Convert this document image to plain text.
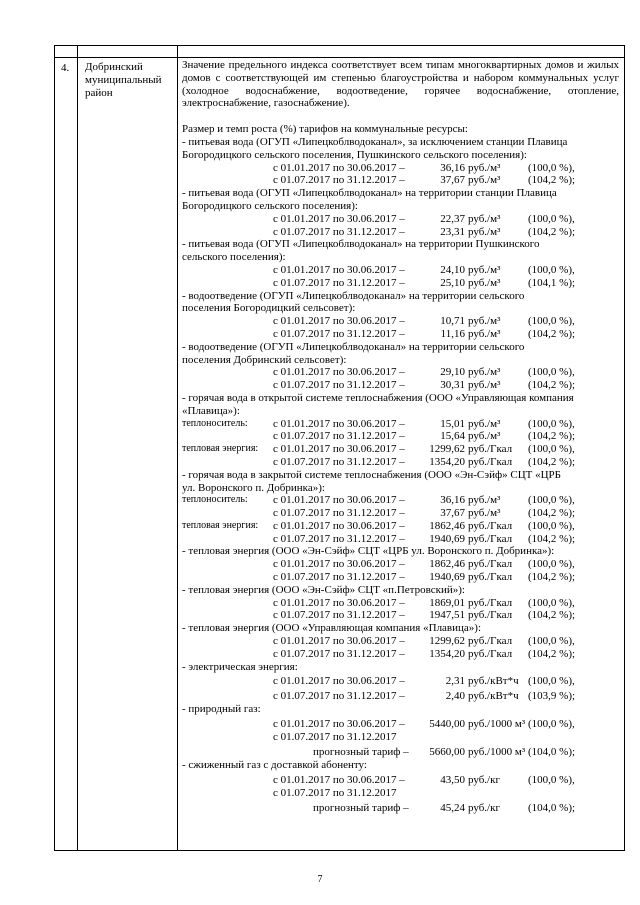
4. Добринский муниципальный район
Значение предельного индекса соответствует всем типам многоквартирных домов и жилых домов с соответствующей им степенью благоустройства и набором коммунальных услуг (холодное водоснабжение, водоотведение, горячее водоснабжение, отопление, электроснабжение, газоснабжение).
Размер и темп роста (%) тарифов на коммунальные ресурсы:
- питьевая вода (ОГУП «Липецкоблводоканал», за исключением станции Плавица
Богородицкого сельского поселения, Пушкинского сельского поселения):
с 01.01.2017 по 30.06.2017 –	36,16 руб./м³	(100,0 %),
с 01.07.2017 по 31.12.2017 –	37,67 руб./м³	(104,2 %);
- питьевая вода (ОГУП «Липецкоблводоканал» на территории станции Плавица
Богородицкого сельского поселения):
с 01.01.2017 по 30.06.2017 –	22,37 руб./м³	(100,0 %),
с 01.07.2017 по 31.12.2017 –	23,31 руб./м³	(104,2 %);
- питьевая вода (ОГУП «Липецкоблводоканал» на территории Пушкинского
сельского поселения):
с 01.01.2017 по 30.06.2017 –	24,10 руб./м³	(100,0 %),
с 01.07.2017 по 31.12.2017 –	25,10 руб./м³	(104,1 %);
- водоотведение (ОГУП «Липецкоблводоканал» на территории сельского
поселения Богородицкий сельсовет):
с 01.01.2017 по 30.06.2017 –	10,71 руб./м³	(100,0 %),
с 01.07.2017 по 31.12.2017 –	11,16 руб./м³	(104,2 %);
- водоотведение (ОГУП «Липецкоблводоканал» на территории сельского
поселения Добринский сельсовет):
с 01.01.2017 по 30.06.2017 –	29,10 руб./м³	(100,0 %),
с 01.07.2017 по 31.12.2017 –	30,31 руб./м³	(104,2 %);
- горячая вода в открытой системе теплоснабжения (ООО «Управляющая компания
«Плавица»):
теплоноситель: с 01.01.2017 по 30.06.2017 –	15,01 руб./м³	(100,0 %),
с 01.07.2017 по 31.12.2017 –	15,64 руб./м³	(104,2 %);
тепловая энергия: с 01.01.2017 по 30.06.2017 –	1299,62 руб./Гкал (100,0 %),
с 01.07.2017 по 31.12.2017 –	1354,20 руб./Гкал (104,2 %);
- горячая вода в закрытой системе теплоснабжения (ООО «Эн-Сэйф» СЦТ «ЦРБ
ул. Воронского п. Добринка»):
теплоноситель: с 01.01.2017 по 30.06.2017 –	36,16 руб./м³	(100,0 %),
с 01.07.2017 по 31.12.2017 –	37,67 руб./м³	(104,2 %);
тепловая энергия: с 01.01.2017 по 30.06.2017 –	1862,46 руб./Гкал (100,0 %),
с 01.07.2017 по 31.12.2017 –	1940,69 руб./Гкал (104,2 %);
- тепловая энергия (ООО «Эн-Сэйф» СЦТ «ЦРБ ул. Воронского п. Добринка»):
с 01.01.2017 по 30.06.2017 –	1862,46 руб./Гкал (100,0 %),
с 01.07.2017 по 31.12.2017 –	1940,69 руб./Гкал (104,2 %);
- тепловая энергия (ООО «Эн-Сэйф» СЦТ «п.Петровский»):
с 01.01.2017 по 30.06.2017 –	1869,01 руб./Гкал (100,0 %),
с 01.07.2017 по 31.12.2017 –	1947,51 руб./Гкал (104,2 %);
- тепловая энергия (ООО «Управляющая компания «Плавица»):
с 01.01.2017 по 30.06.2017 –	1299,62 руб./Гкал (100,0 %),
с 01.07.2017 по 31.12.2017 –	1354,20 руб./Гкал (104,2 %);
- электрическая энергия:
с 01.01.2017 по 30.06.2017 –	2,31 руб./кВт*ч (100,0 %),
с 01.07.2017 по 31.12.2017 –	2,40 руб./кВт*ч (103,9 %);
- природный газ:
с 01.01.2017 по 30.06.2017 –	5440,00 руб./1000 м³ (100,0 %),
с 01.07.2017 по 31.12.2017
прогнозный тариф –	5660,00 руб./1000 м³ (104,0 %);
- сжиженный газ с доставкой абоненту:
с 01.01.2017 по 30.06.2017 –	43,50 руб./кг	(100,0 %),
с 01.07.2017 по 31.12.2017
прогнозный тариф –	45,24 руб./кг	(104,0 %);
7
